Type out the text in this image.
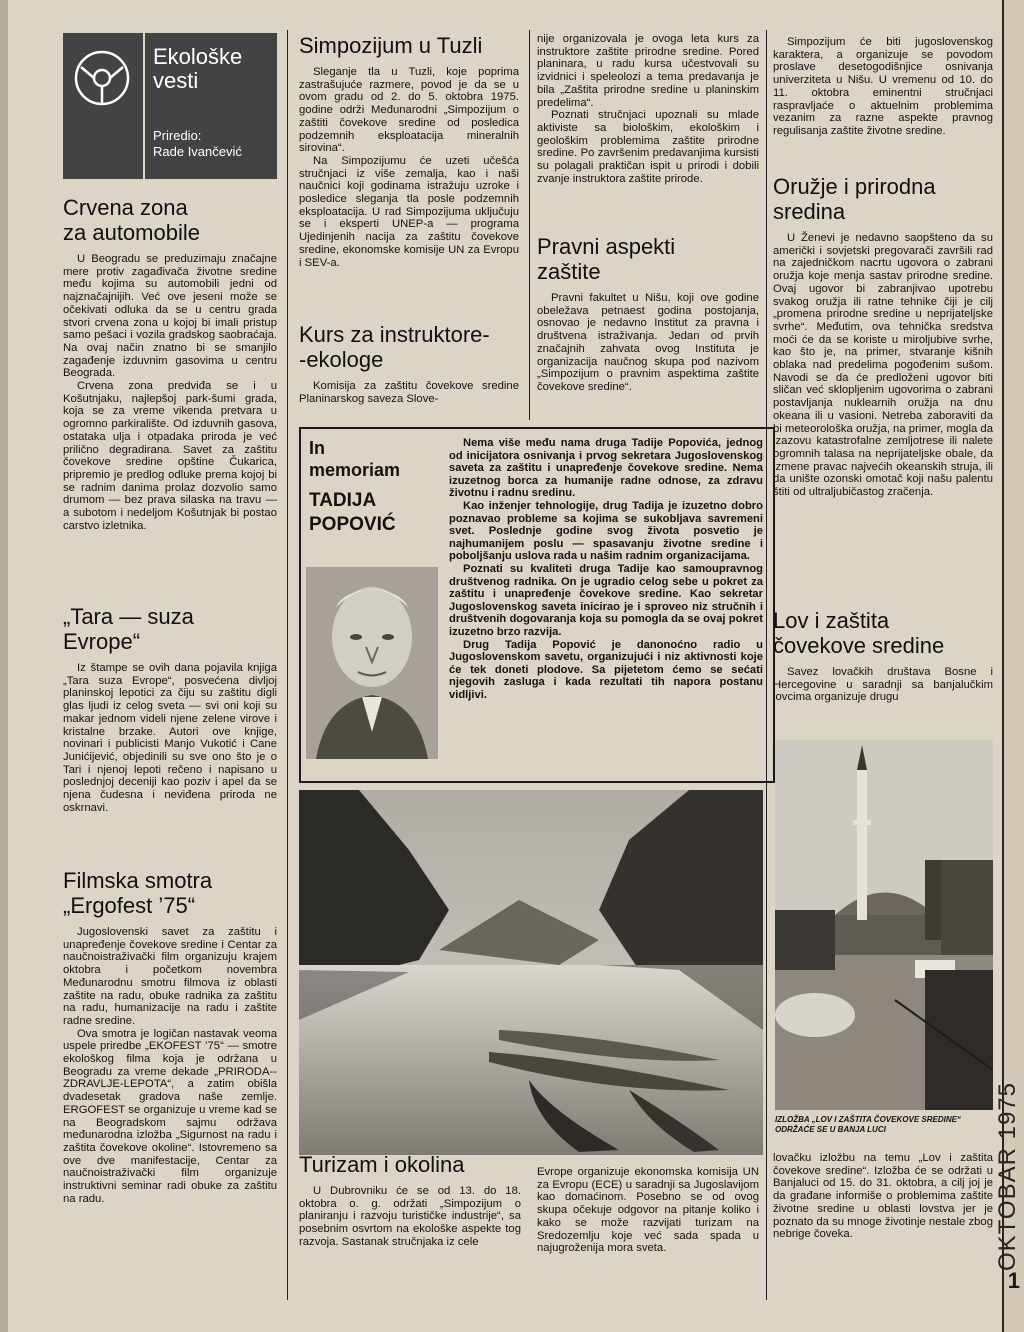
Ekološke
vesti
Priredio:
Rade Ivančević
Crvena zona
za automobile

U Beogradu se preduzimaju značajne mere protiv zagađivača životne sredine među kojima su automobili jedni od najznačajnijih. Već ove jeseni može se očekivati odluka da se u centru grada stvori crvena zona u kojoj bi imali pristup samo pešaci i vozila gradskog saobraćaja. Na ovaj način znatno bi se smanjilo zagađenje izduvnim gasovima u centru Beograda.

Crvena zona predviđa se i u Košutnjaku, najlepšoj park-šumi grada, koja se za vreme vikenda pretvara u ogromno parkiralište. Od izduvnih gasova, ostataka ulja i otpadaka priroda je već prilično degradirana. Savet za zaštitu čovekove sredine opštine Čukarica, pripremio je predlog odluke prema kojoj bi se radnim danima prolaz dozvolio samo drumom — bez prava silaska na travu — a subotom i nedeljom Košutnjak bi postao carstvo izletnika.

„Tara — suza
Evrope“

Iz štampe se ovih dana pojavila knjiga „Tara suza Evrope“, posvećena divljoj planinskoj lepotici za čiju su zaštitu digli glas ljudi iz celog sveta — svi oni koji su makar jednom videli njene zelene virove i kristalne brzake. Autori ove knjige, novinari i publicisti Manjo Vukotić i Cane Junićijević, objedinili su sve ono što je o Tari i njenoj lepoti rečeno i napisano u poslednjoj deceniji kao poziv i apel da se njena čudesna i neviđena priroda ne oskrnavi.

Filmska smotra
„Ergofest ’75“

Jugoslovenski savet za zaštitu i unapređenje čovekove sredine i Centar za naučnoistraživački film organizuju krajem oktobra i početkom novembra Međunarodnu smotru filmova iz oblasti zaštite na radu, obuke radnika za zaštitu na radu, humanizacije na radu i zaštite radne sredine.

Ova smotra je logičan nastavak veoma uspele priredbe „EKOFEST ’75“ — smotre ekološkog filma koja je održana u Beogradu za vreme dekade „PRIRODA--ZDRAVLJE-LEPOTA“, a zatim obišla dvadesetak gradova naše zemlje. ERGOFEST se organizuje u vreme kad se na Beogradskom sajmu održava međunarodna izložba „Sigurnost na radu i zaštita čovekove okoline“. Istovremeno sa ove dve manifestacije, Centar za naučnoistraživački film organizuje instruktivni seminar radi obuke za zaštitu na radu.

Simpozijum u Tuzli

Sleganje tla u Tuzli, koje poprima zastrašujuće razmere, povod je da se u ovom gradu od 2. do 5. oktobra 1975. godine održi Međunarodni „Simpozijum o zaštiti čovekove sredine od posledica podzemnih eksploatacija mineralnih sirovina“.

Na Simpozijumu će uzeti učešća stručnjaci iz više zemalja, kao i naši naučnici koji godinama istražuju uzroke i posledice sleganja tla posle podzemnih eksploatacija. U rad Simpozijuma uključuju se i eksperti UNEP-a — programa Ujedinjenih nacija za zaštitu čovekove sredine, ekonomske komisije UN za Evropu i SEV-a.

Kurs za instruktore-
-ekologe

Komisija za zaštitu čovekove sredine Planinarskog saveza Slove-

nije organizovala je ovoga leta kurs za instruktore zaštite prirodne sredine. Pored planinara, u radu kursa učestvovali su izvidnici i speleolozi a tema predavanja je bila „Zaštita prirodne sredine u planinskim predelima“.

Poznati stručnjaci upoznali su mlade aktiviste sa biološkim, ekološkim i geološkim problemima zaštite prirodne sredine. Po završenim predavanjima kursisti su polagali praktičan ispit u prirodi i dobili zvanje instruktora zaštite prirode.

Pravni aspekti
zaštite

Pravni fakultet u Nišu, koji ove godine obeležava petnaest godina postojanja, osnovao je nedavno Institut za pravna i društvena istraživanja. Jedan od prvih značajnih zahvata ovog Instituta je organizacija naučnog skupa pod nazivom „Simpozijum o pravnim aspektima zaštite čovekove sredine“.

Simpozijum će biti jugoslovenskog karaktera, a organizuje se povodom proslave desetogodišnjice osnivanja univerziteta u Nišu. U vremenu od 10. do 11. oktobra eminentni stručnjaci raspravljaće o aktuelnim problemima vezanim za razne aspekte pravnog regulisanja zaštite životne sredine.

Oružje i prirodna
sredina

U Ženevi je nedavno saopšteno da su američki i sovjetski pregovarači završili rad na zajedničkom nacrtu ugovora o zabrani oružja koje menja sastav prirodne sredine. Ovaj ugovor bi zabranjivao upotrebu svakog oružja ili ratne tehnike čiji je cilj „promena prirodne sredine u neprijateljske svrhe“. Međutim, ova tehnička sredstva moći će da se koriste u miroljubive svrhe, kao što je, na primer, stvaranje kišnih oblaka nad predelima pogođenim sušom. Navodi se da će predloženi ugovor biti sličan već sklopljenim ugovorima o zabrani postavljanja nuklearnih oružja na dnu okeana ili u vasioni. Netreba zaboraviti da bi meteorološka oružja, na primer, mogla da izazovu katastrofalne zemljotrese ili nalete ogromnih talasa na neprijateljske obale, da izmene pravac najvećih okeanskih struja, ili da unište ozonski omotač koji našu palentu štiti od ultraljubičastog zračenja.

Lov i zaštita
čovekove sredine

Savez lovačkih društava Bosne i Hercegovine u saradnji sa banjalučkim lovcima organizuje drugu

IZLOŽBA „LOV I ZAŠTITA ČOVEKOVE SREDINE“ ODRŽAĆE SE U BANJA LUCI

lovačku izložbu na temu „Lov i zaštita čovekove sredine“. Izložba će se održati u Banjaluci od 15. do 31. oktobra, a cilj joj je da građane informiše o problemima zaštite životne sredine u oblasti lovstva jer je poznato da su mnoge životinje nestale zbog nebrige čoveka.

In
memoriam
TADIJA
POPOVIĆ

Nema više među nama druga Tadije Popovića, jednog od inicijatora osnivanja i prvog sekretara Jugoslovenskog saveta za zaštitu i unapređenje čovekove sredine. Nema izuzetnog borca za humanije radne odnose, za zdravu životnu i radnu sredinu.

Kao inženjer tehnologije, drug Tadija je izuzetno dobro poznavao probleme sa kojima se sukobljava savremeni svet. Poslednje godine svog života posvetio je najhumanijem poslu — spasavanju životne sredine i poboljšanju uslova rada u našim radnim organizacijama.

Poznati su kvaliteti druga Tadije kao samoupravnog društvenog radnika. On je ugradio celog sebe u pokret za zaštitu i unapređenje čovekove sredine. Kao sekretar Jugoslovenskog saveta inicirao je i sproveo niz stručnih i društvenih dogovaranja koja su pomogla da se ovaj pokret izuzetno brzo razvija.

Drug Tadija Popović je danonoćno radio u Jugoslovenskom savetu, organizujući i niz aktivnosti koje će tek doneti plodove. Sa pijetetom ćemo se sećati njegovih zasluga i kada rezultati tih napora postanu vidljivi.

Turizam i okolina

U Dubrovniku će se od 13. do 18. oktobra o. g. održati „Simpozijum o planiranju i razvoju turističke industrije“, sa posebnim osvrtom na ekološke aspekte tog razvoja. Sastanak stručnjaka iz cele

Evrope organizuje ekonomska komisija UN za Evropu (ECE) u saradnji sa Jugoslavijom kao domaćinom. Posebno se od ovog skupa očekuje odgovor na pitanje koliko i kako se može razvijati turizam na Sredozemlju koje već sada spada u najugroženija mora sveta.	OKTOBAR 1975
1
